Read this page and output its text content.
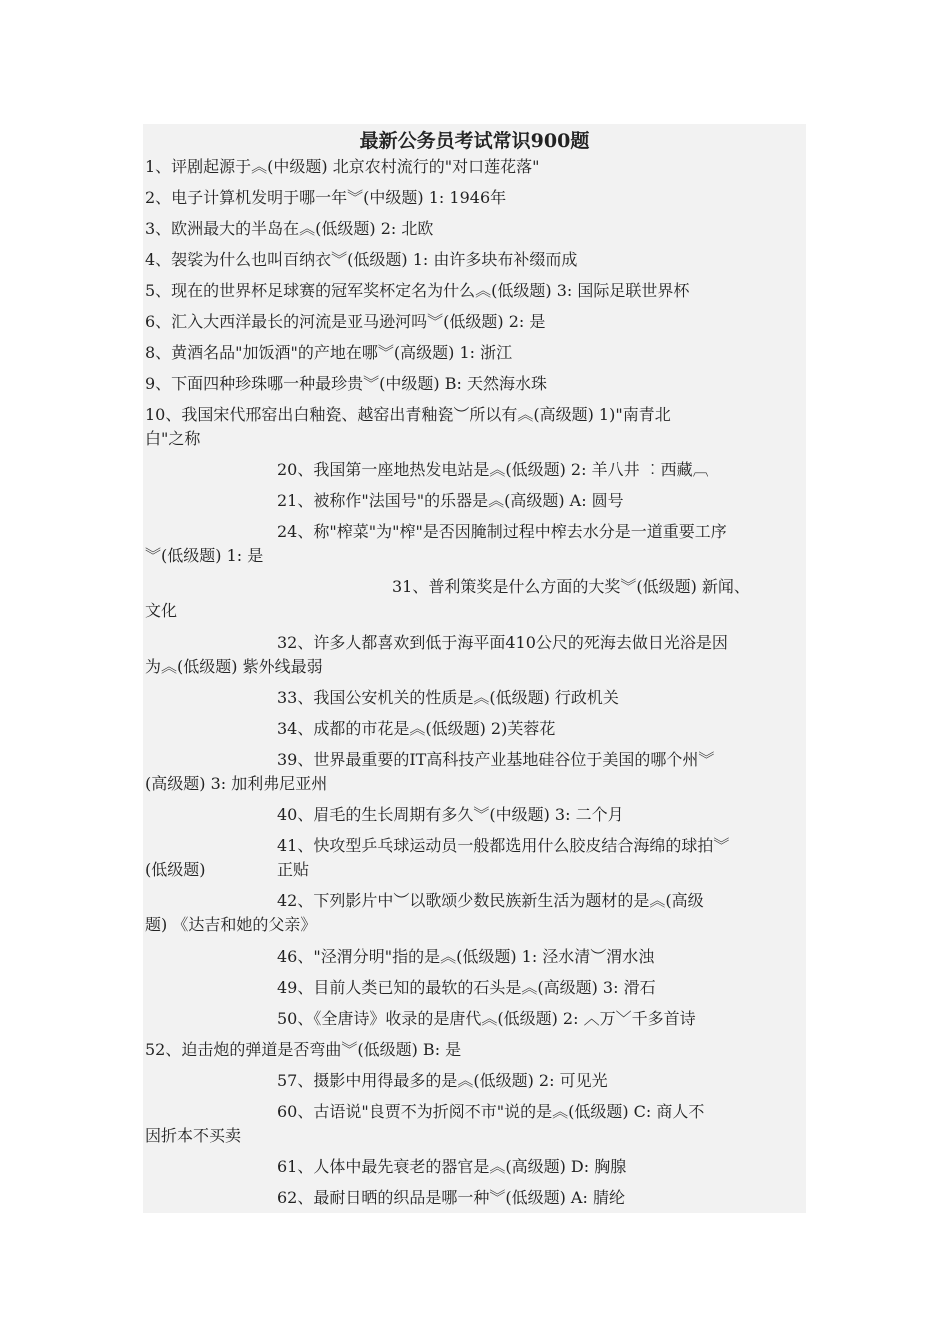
最新公务员考试常识900题
1、评剧起源于︽(中级题) 北京农村流行的"对口莲花落"
2、电子计算机发明于哪一年︾(中级题) 1: 1946年
3、欧洲最大的半岛在︽(低级题) 2: 北欧
4、袈裟为什么也叫百纳衣︾(低级题) 1: 由许多块布补缀而成
5、现在的世界杯足球赛的冠军奖杯定名为什么︽(低级题) 3: 国际足联世界杯
6、汇入大西洋最长的河流是亚马逊河吗︾(低级题) 2: 是
8、黄酒名品"加饭酒"的产地在哪︾(高级题) 1: 浙江
9、下面四种珍珠哪一种最珍贵︾(中级题) B: 天然海水珠
10、我国宋代邢窑出白釉瓷、越窑出青釉瓷︶所以有︽(高级题) 1)"南青北
白"之称
20、我国第一座地热发电站是︽(低级题) 2: 羊八井 ︰西藏︹
21、被称作"法国号"的乐器是︽(高级题) A: 圆号
24、称"榨菜"为"榨"是否因腌制过程中榨去水分是一道重要工序
︾(低级题) 1: 是
31、普利策奖是什么方面的大奖︾(低级题) 新闻、
文化
32、许多人都喜欢到低于海平面410公尺的死海去做日光浴是因
为︽(低级题) 紫外线最弱
33、我国公安机关的性质是︽(低级题) 行政机关
34、成都的市花是︽(低级题) 2)芙蓉花
39、世界最重要的IT高科技产业基地硅谷位于美国的哪个州︾
(高级题) 3: 加利弗尼亚州
40、眉毛的生长周期有多久︾(中级题) 3: 二个月
41、快攻型乒乓球运动员一般都选用什么胶皮结合海绵的球拍︾
(低级题)	正贴
42、下列影片中︶以歌颂少数民族新生活为题材的是︽(高级
题) 《达吉和她的父亲》
46、"泾渭分明"指的是︽(低级题) 1: 泾水清︶渭水浊
49、目前人类已知的最软的石头是︽(高级题) 3: 滑石
50、《全唐诗》收录的是唐代︽(低级题) 2: ︿万﹀千多首诗
52、迫击炮的弹道是否弯曲︾(低级题) B: 是
57、摄影中用得最多的是︽(低级题) 2: 可见光
60、古语说"良贾不为折阅不市"说的是︽(低级题) C: 商人不
因折本不买卖
61、人体中最先衰老的器官是︽(高级题) D: 胸腺
62、最耐日晒的织品是哪一种︾(低级题) A: 腈纶
